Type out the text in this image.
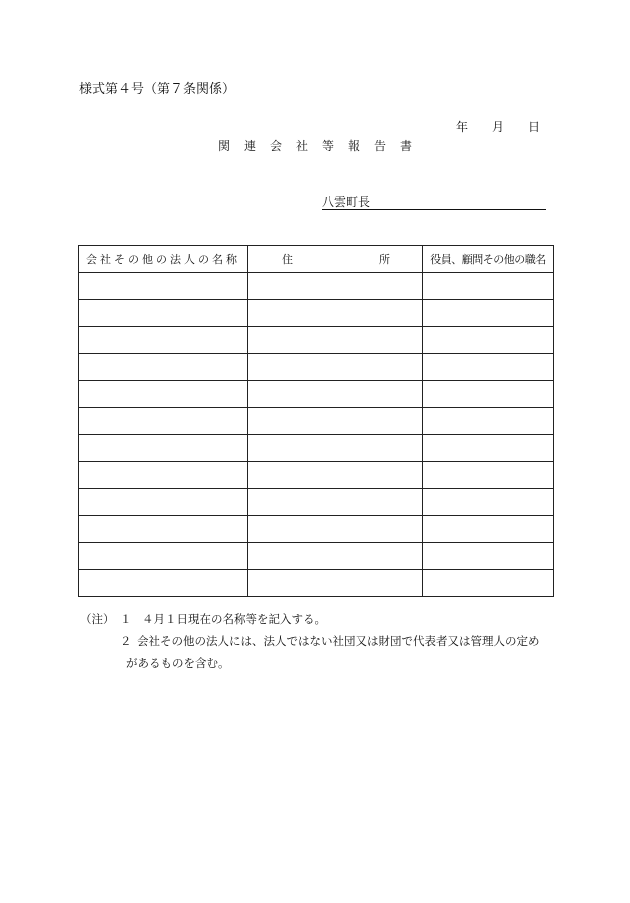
様式第４号（第７条関係）
年 月 日
関連会社等報告書
八雲町長
会社その他の法人の名称	住 所	役員、顧問その他の職名

（注） １ ４月１日現在の名称等を記入する。
２ 会社その他の法人には、法人ではない社団又は財団で代表者又は管理人の定め
があるものを含む。
